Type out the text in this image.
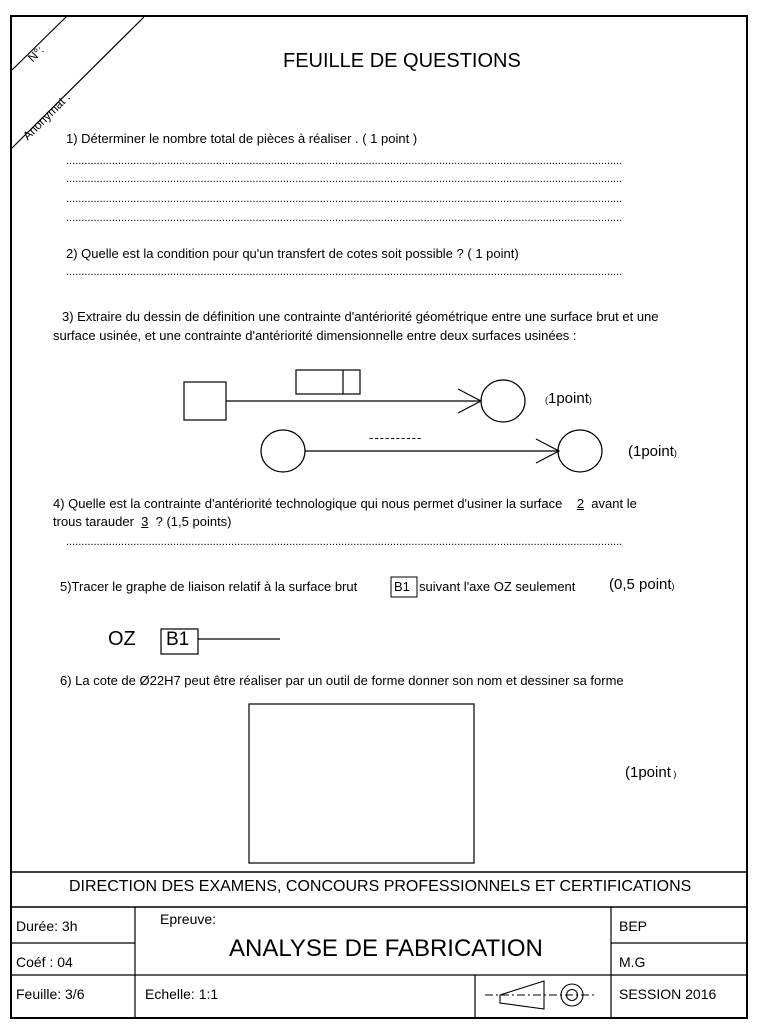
N°:
Anonymat :
FEUILLE DE QUESTIONS
1) Déterminer le nombre total de pièces à réaliser . ( 1 point )
......................................................................................................................................................................................
......................................................................................................................................................................................
......................................................................................................................................................................................
......................................................................................................................................................................................
2) Quelle est la condition pour qu'un transfert de cotes soit possible ? ( 1 point)
......................................................................................................................................................................................
3) Extraire du dessin de définition une contrainte d'antériorité géométrique entre une surface brut et une
surface usinée, et une contrainte d'antériorité dimensionnelle entre deux surfaces usinées :
(1point)
----------
(1point)
4) Quelle est la contrainte d'antériorité technologique qui nous permet d'usiner la surface 2 avant le
trous tarauder 3 ? (1,5 points)
......................................................................................................................................................................................
5)Tracer le graphe de liaison relatif à la surface brut	B1 suivant l'axe OZ seulement (0,5 point)
OZ B1
6) La cote de Ø22H7 peut être réaliser par un outil de forme donner son nom et dessiner sa forme
(1point )
DIRECTION DES EXAMENS, CONCOURS PROFESSIONNELS ET CERTIFICATIONS
Durée: 3h
Coéf : 04
Feuille: 3/6
Epreuve:
ANALYSE DE FABRICATION
Echelle: 1:1
BEP
M.G
SESSION 2016
